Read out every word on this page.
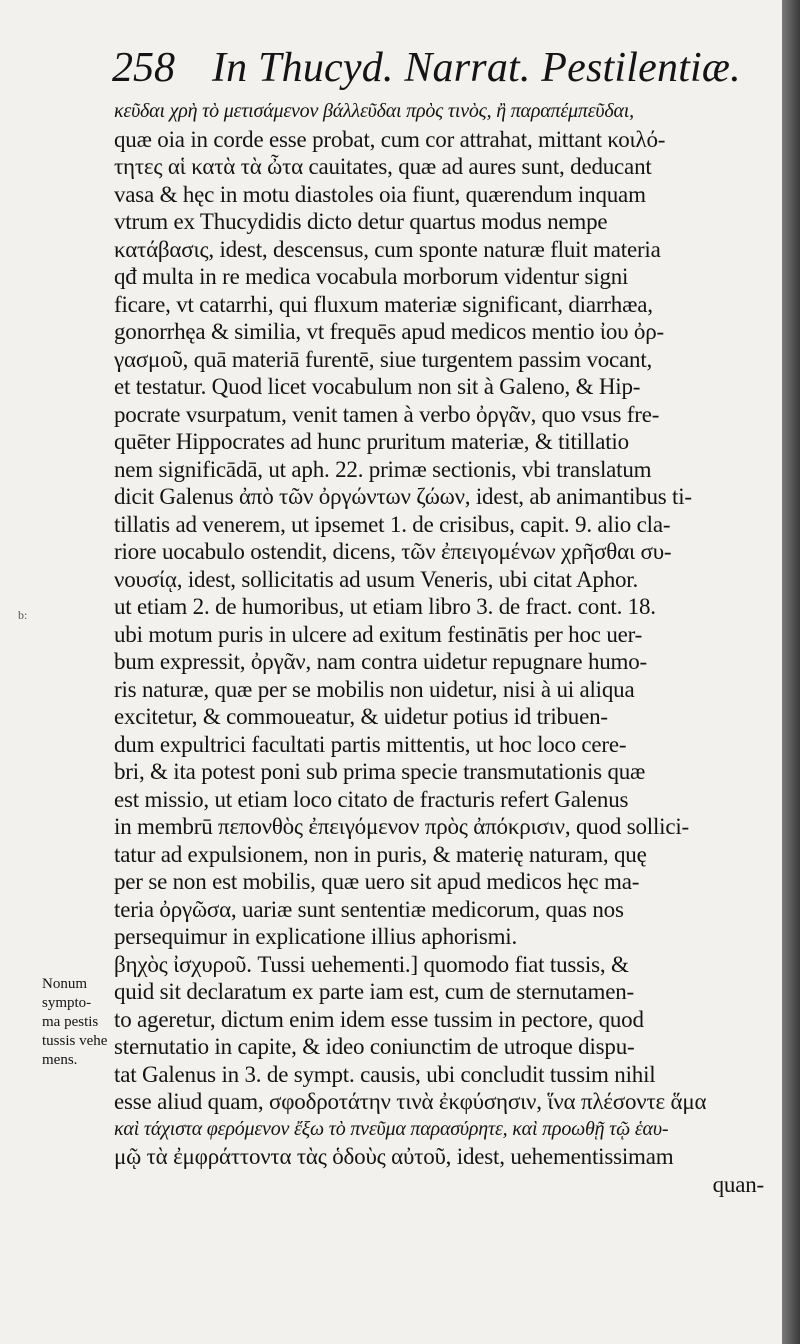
258 In Thucyd. Narrat. Pestilentiæ.
κεῦδαι χρὴ τὸ μετισάμενον βάλλεῦδαι πρὸς τινὸς, ἢ παραπέμπεῦδαι,
quæ oia in corde esse probat, cum cor attrahat, mittant κοιλό-
τητες αἱ κατὰ τὰ ὦτα cauitates, quæ ad aures sunt, deducant
vasa & hęc in motu diastoles oia fiunt, quærendum inquam
vtrum ex Thucydidis dicto detur quartus modus nempe
κατάβασις, idest, descensus, cum sponte naturæ fluit materia
qđ multa in re medica vocabula morborum videntur signi
ficare, vt catarrhi, qui fluxum materiæ significant, diarrhæa,
gonorrhęa & similia, vt frequēs apud medicos mentio ἰου ὀρ-
γασμοῦ, quā materiā furentē, siue turgentem passim vocant,
et testatur. Quod licet vocabulum non sit à Galeno, & Hip-
pocrate vsurpatum, venit tamen à verbo ὀργᾶν, quo vsus fre-
quēter Hippocrates ad hunc pruritum materiæ, & titillatio
nem significādā, ut aph. 22. primæ sectionis, vbi translatum
dicit Galenus ἀπὸ τῶν ὀργώντων ζώων, idest, ab animantibus ti-
tillatis ad venerem, ut ipsemet 1. de crisibus, capit. 9. alio cla-
riore uocabulo ostendit, dicens, τῶν ἐπειγομένων χρῆσθαι συ-
νουσίᾳ, idest, sollicitatis ad usum Veneris, ubi citat Aphor.
ut etiam 2. de humoribus, ut etiam libro 3. de fract. cont. 18.
ubi motum puris in ulcere ad exitum festinātis per hoc uer-
bum expressit, ὀργᾶν, nam contra uidetur repugnare humo-
ris naturæ, quæ per se mobilis non uidetur, nisi à ui aliqua
excitetur, & commoueatur, & uidetur potius id tribuen-
dum expultrici facultati partis mittentis, ut hoc loco cere-
bri, & ita potest poni sub prima specie transmutationis quæ
est missio, ut etiam loco citato de fracturis refert Galenus
in membrū πεπονθὸς ἐπειγόμενον πρὸς ἀπόκρισιν, quod sollici-
tatur ad expulsionem, non in puris, & materię naturam, quę
per se non est mobilis, quæ uero sit apud medicos hęc ma-
teria ὀργῶσα, uariæ sunt sententiæ medicorum, quas nos
persequimur in explicatione illius aphorismi.
βηχὸς ἰσχυροῦ. Tussi uehementi.] quomodo fiat tussis, &
quid sit declaratum ex parte iam est, cum de sternutamen-
to ageretur, dictum enim idem esse tussim in pectore, quod
sternutatio in capite, & ideo coniunctim de utroque dispu-
tat Galenus in 3. de sympt. causis, ubi concludit tussim nihil
esse aliud quam, σφοδροτάτην τινὰ ἐκφύσησιν, ἵνα πλέσοντε ἅμα
καὶ τάχιστα φερόμενον ἔξω τὸ πνεῦμα παρασύρητε, καὶ προωθῇ τῷ ἑαυ-
μῷ τὰ ἐμφράττοντα τὰς ὁδοὺς αὐτοῦ, idest, uehementissimam
quan-
Nonum
sympto-
ma pestis
tussis vehe
mens.
b:
